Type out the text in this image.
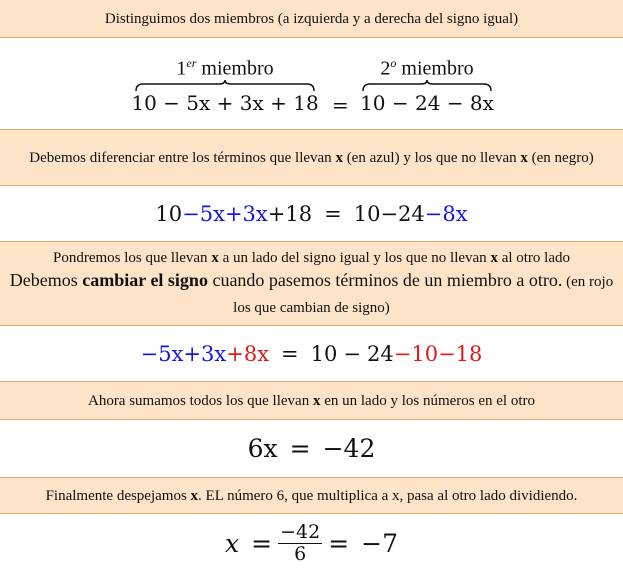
Distinguimos dos miembros (a izquierda y a derecha del signo igual)
1er miembro
10 − 5x + 3x + 18 =
$2^o$ miembro
10 − 24 − 8x
Debemos diferenciar entre los términos que llevan x (en azul) y los que no llevan x (en negro)
10 −5x +3x +18 = 10 −24 −8x
Pondremos los que llevan x a un lado del signo igual y los que no llevan x al otro lado
Debemos cambiar el signo cuando pasemos términos de un miembro a otro. (en rojo los que cambian de signo)
−5x +3x +8x = 10 − 24 −10 −18
Ahora sumamos todos los que llevan x en un lado y los números en el otro
6x = −42
Finalmente despejamos x. EL número 6, que multiplica a x, pasa al otro lado dividiendo.
$x = \frac{-42}{6} = -7$
